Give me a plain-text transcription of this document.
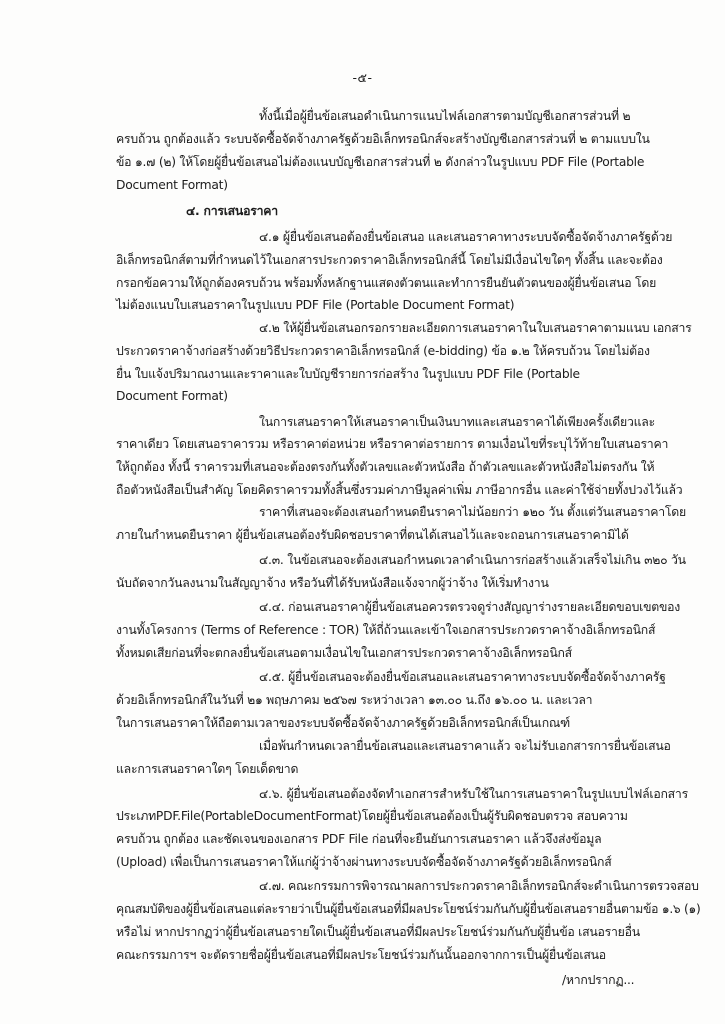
-๕-
ทั้งนี้เมื่อผู้ยื่นข้อเสนอดำเนินการแนบไฟล์เอกสารตามบัญชีเอกสารส่วนที่ ๒
ครบถ้วน ถูกต้องแล้ว ระบบจัดซื้อจัดจ้างภาครัฐด้วยอิเล็กทรอนิกส์จะสร้างบัญชีเอกสารส่วนที่ ๒ ตามแบบใน
ข้อ ๑.๗ (๒) ให้โดยผู้ยื่นข้อเสนอไม่ต้องแนบบัญชีเอกสารส่วนที่ ๒ ดังกล่าวในรูปแบบ PDF File (Portable
Document Format)
๔. การเสนอราคา
๔.๑ ผู้ยื่นข้อเสนอต้องยื่นข้อเสนอ และเสนอราคาทางระบบจัดซื้อจัดจ้างภาครัฐด้วย
อิเล็กทรอนิกส์ตามที่กำหนดไว้ในเอกสารประกวดราคาอิเล็กทรอนิกส์นี้ โดยไม่มีเงื่อนไขใดๆ ทั้งสิ้น และจะต้อง
กรอกข้อความให้ถูกต้องครบถ้วน พร้อมทั้งหลักฐานแสดงตัวตนและทำการยืนยันตัวตนของผู้ยื่นข้อเสนอ โดย
ไม่ต้องแนบใบเสนอราคาในรูปแบบ PDF File (Portable Document Format)
๔.๒ ให้ผู้ยื่นข้อเสนอกรอกรายละเอียดการเสนอราคาในใบเสนอราคาตามแนบ เอกสาร
ประกวดราคาจ้างก่อสร้างด้วยวิธีประกวดราคาอิเล็กทรอนิกส์ (e-bidding) ข้อ ๑.๒ ให้ครบถ้วน โดยไม่ต้อง
ยื่น ใบแจ้งปริมาณงานและราคาและใบบัญชีรายการก่อสร้าง ในรูปแบบ PDF File (Portable
Document Format)
ในการเสนอราคาให้เสนอราคาเป็นเงินบาทและเสนอราคาได้เพียงครั้งเดียวและ
ราคาเดียว โดยเสนอราคารวม หรือราคาต่อหน่วย หรือราคาต่อรายการ ตามเงื่อนไขที่ระบุไว้ท้ายใบเสนอราคา
ให้ถูกต้อง ทั้งนี้ ราคารวมที่เสนอจะต้องตรงกันทั้งตัวเลขและตัวหนังสือ ถ้าตัวเลขและตัวหนังสือไม่ตรงกัน ให้
ถือตัวหนังสือเป็นสำคัญ โดยคิดราคารวมทั้งสิ้นซึ่งรวมค่าภาษีมูลค่าเพิ่ม ภาษีอากรอื่น และค่าใช้จ่ายทั้งปวงไว้แล้ว
ราคาที่เสนอจะต้องเสนอกำหนดยืนราคาไม่น้อยกว่า ๑๒๐ วัน ตั้งแต่วันเสนอราคาโดย
ภายในกำหนดยืนราคา ผู้ยื่นข้อเสนอต้องรับผิดชอบราคาที่ตนได้เสนอไว้และจะถอนการเสนอราคามิได้
๔.๓. ในข้อเสนอจะต้องเสนอกำหนดเวลาดำเนินการก่อสร้างแล้วเสร็จไม่เกิน ๓๒๐ วัน
นับถัดจากวันลงนามในสัญญาจ้าง หรือวันที่ได้รับหนังสือแจ้งจากผู้ว่าจ้าง ให้เริ่มทำงาน
๔.๔. ก่อนเสนอราคาผู้ยื่นข้อเสนอควรตรวจดูร่างสัญญาร่างรายละเอียดขอบเขตของ
งานทั้งโครงการ (Terms of Reference : TOR) ให้ถี่ถ้วนและเข้าใจเอกสารประกวดราคาจ้างอิเล็กทรอนิกส์
ทั้งหมดเสียก่อนที่จะตกลงยื่นข้อเสนอตามเงื่อนไขในเอกสารประกวดราคาจ้างอิเล็กทรอนิกส์
๔.๕. ผู้ยื่นข้อเสนอจะต้องยื่นข้อเสนอและเสนอราคาทางระบบจัดซื้อจัดจ้างภาครัฐ
ด้วยอิเล็กทรอนิกส์ในวันที่ ๒๑ พฤษภาคม ๒๕๖๗ ระหว่างเวลา ๑๓.๐๐ น.ถึง ๑๖.๐๐ น. และเวลา
ในการเสนอราคาให้ถือตามเวลาของระบบจัดซื้อจัดจ้างภาครัฐด้วยอิเล็กทรอนิกส์เป็นเกณฑ์
เมื่อพ้นกำหนดเวลายื่นข้อเสนอและเสนอราคาแล้ว จะไม่รับเอกสารการยื่นข้อเสนอ
และการเสนอราคาใดๆ โดยเด็ดขาด
๔.๖. ผู้ยื่นข้อเสนอต้องจัดทำเอกสารสำหรับใช้ในการเสนอราคาในรูปแบบไฟล์เอกสาร
ประเภทPDF.File(PortableDocumentFormat)โดยผู้ยื่นข้อเสนอต้องเป็นผู้รับผิดชอบตรวจ สอบความ
ครบถ้วน ถูกต้อง และชัดเจนของเอกสาร PDF File ก่อนที่จะยืนยันการเสนอราคา แล้วจึงส่งข้อมูล
(Upload) เพื่อเป็นการเสนอราคาให้แก่ผู้ว่าจ้างผ่านทางระบบจัดซื้อจัดจ้างภาครัฐด้วยอิเล็กทรอนิกส์
๔.๗. คณะกรรมการพิจารณาผลการประกวดราคาอิเล็กทรอนิกส์จะดำเนินการตรวจสอบ
คุณสมบัติของผู้ยื่นข้อเสนอแต่ละรายว่าเป็นผู้ยื่นข้อเสนอที่มีผลประโยชน์ร่วมกันกับผู้ยื่นข้อเสนอรายอื่นตามข้อ ๑.๖ (๑)
หรือไม่ หากปรากฏว่าผู้ยื่นข้อเสนอรายใดเป็นผู้ยื่นข้อเสนอที่มีผลประโยชน์ร่วมกันกับผู้ยื่นข้อ เสนอรายอื่น
คณะกรรมการฯ จะตัดรายชื่อผู้ยื่นข้อเสนอที่มีผลประโยชน์ร่วมกันนั้นออกจากการเป็นผู้ยื่นข้อเสนอ
/หากปรากฏ...
